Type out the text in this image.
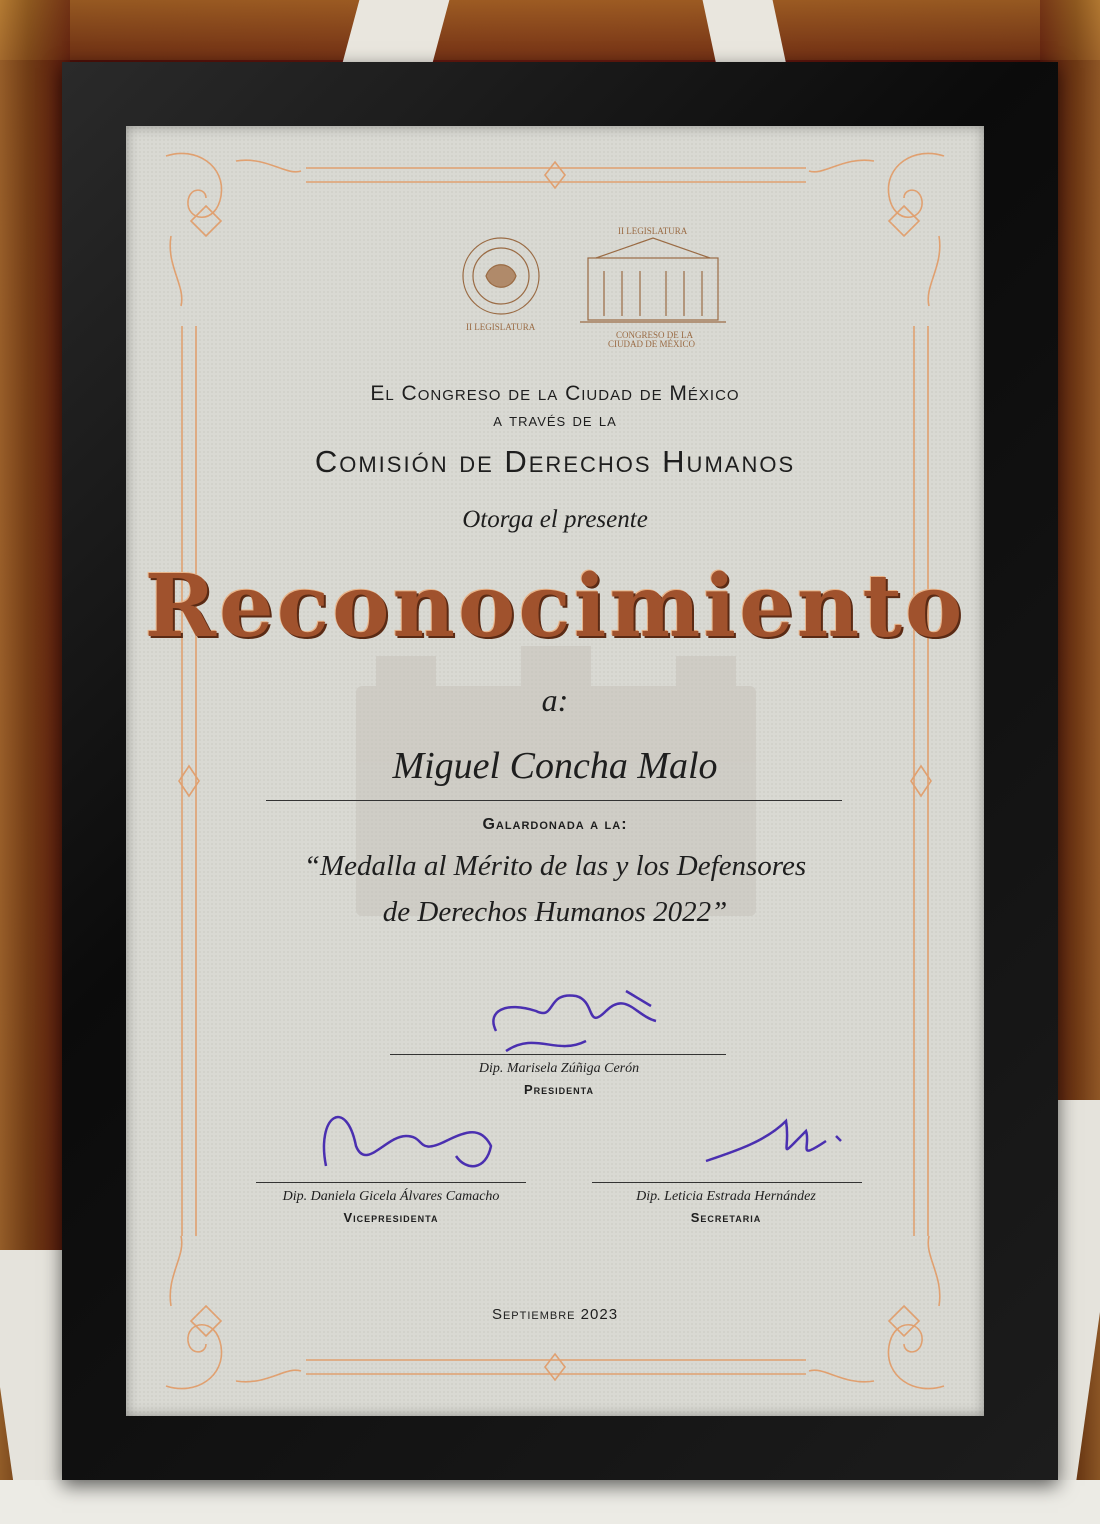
II LEGISLATURA
II LEGISLATURA
CONGRESO DE LA
CIUDAD DE MÉXICO
El Congreso de la Ciudad de México
a través de la
Comisión de Derechos Humanos
Otorga el presente
Reconocimiento
a:
Miguel Concha Malo
Galardonada a la:
“Medalla al Mérito de las y los Defensores
de Derechos Humanos 2022”
Dip. Marisela Zúñiga Cerón
Presidenta
Dip. Daniela Gicela Álvares Camacho
Vicepresidenta
Dip. Leticia Estrada Hernández
Secretaria
Septiembre 2023
